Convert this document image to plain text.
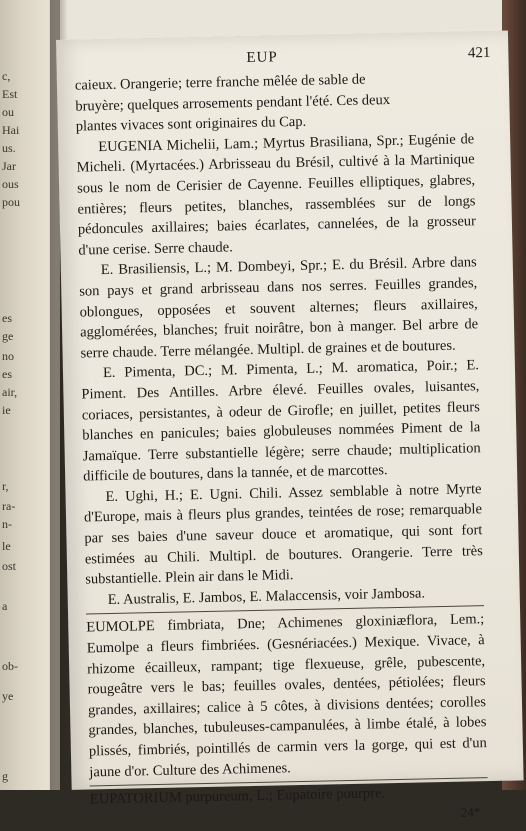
c,
Est
ou
Hai
us.
Jar
ous
pou
es
ge
no
es
air,
ie
r,
ra-
n-
le
ost
a
ob-
ye
g
EUP	421

caieux. Orangerie; terre franche mêlée de sable de

bruyère; quelques arrosements pendant l'été. Ces deux

plantes vivaces sont originaires du Cap.

EUGENIA Michelii, Lam.; Myrtus Brasiliana, Spr.; Eugénie de Micheli. (Myrtacées.) Arbrisseau du Brésil, cultivé à la Martinique sous le nom de Cerisier de Cayenne. Feuilles elliptiques, glabres, entières; fleurs petites, blanches, rassemblées sur de longs pédoncules axillaires; baies écarlates, cannelées, de la grosseur d'une cerise. Serre chaude.

E. Brasiliensis, L.; M. Dombeyi, Spr.; E. du Brésil. Arbre dans son pays et grand arbrisseau dans nos serres. Feuilles grandes, oblongues, opposées et souvent alternes; fleurs axillaires, agglomérées, blanches; fruit noirâtre, bon à manger. Bel arbre de serre chaude. Terre mélangée. Multipl. de graines et de boutures.

E. Pimenta, DC.; M. Pimenta, L.; M. aromatica, Poir.; E. Piment. Des Antilles. Arbre élevé. Feuilles ovales, luisantes, coriaces, persistantes, à odeur de Girofle; en juillet, petites fleurs blanches en panicules; baies globuleuses nommées Piment de la Jamaïque. Terre substantielle légère; serre chaude; multiplication difficile de boutures, dans la tannée, et de marcottes.

E. Ughi, H.; E. Ugni. Chili. Assez semblable à notre Myrte d'Europe, mais à fleurs plus grandes, teintées de rose; remarquable par ses baies d'une saveur douce et aromatique, qui sont fort estimées au Chili. Multipl. de boutures. Orangerie. Terre très substantielle. Plein air dans le Midi.

E. Australis, E. Jambos, E. Malaccensis, voir Jambosa.

EUMOLPE fimbriata, Dne; Achimenes gloxiniæflora, Lem.; Eumolpe a fleurs fimbriées. (Gesnériacées.) Mexique. Vivace, à rhizome écailleux, rampant; tige flexueuse, grêle, pubescente, rougeâtre vers le bas; feuilles ovales, dentées, pétiolées; fleurs grandes, axillaires; calice à 5 côtes, à divisions dentées; corolles grandes, blanches, tubuleuses-campanulées, à limbe étalé, à lobes plissés, fimbriés, pointillés de carmin vers la gorge, qui est d'un jaune d'or. Culture des Achimenes.

EUPATORIUM purpureum, L.; Eupatoire pourpre.

24*
